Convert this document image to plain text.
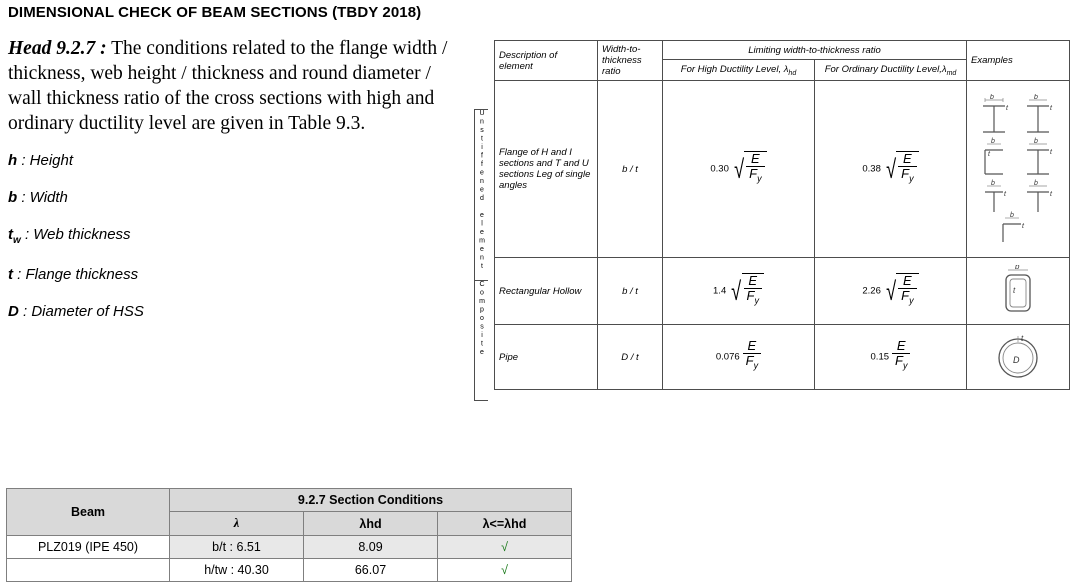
DIMENSIONAL CHECK OF BEAM SECTIONS (TBDY 2018)

Head 9.2.7 : The conditions related to the flange width / thickness, web height / thickness and round diameter / wall thickness ratio of the cross sections with high and ordinary ductility level are given in Table 9.3.

h : Height
b : Width
$t_w$ : Web thickness
t : Flange thickness
D : Diameter of HSS
	Description of element	Width-to-thickness ratio	Limiting width-to-thickness ratio		Examples
			For High Ductility Level, $\lambda_{hd}$	For Ordinary Ductility $Level,\lambda_{md}$
Flange of H and I sections and T and U sections Leg of single angles	b / t	0.30 √ $\frac{E}{F_y}$	0.38 √ $\frac{E}{F_y}$

b
t
b
t
b
t
b
t
b
t
b
t
b
t

	Rectangular Hollow	b / t	1.4 √ $\frac{E}{F_y}$	2.26 √ $\frac{E}{F_y}$	b
t

	Pipe	D / t	$0.076 \frac{E}{F_y}$	$0.15 \frac{E}{F_y}$	t
D
Unstiffened element
Composite
Beam	9.2.7 Section Conditions		
	λ	λhd	λ<=λhd
PLZ019 (IPE 450)	b/t : 6.51	8.09	√
	h/tw : 40.30	66.07	√
